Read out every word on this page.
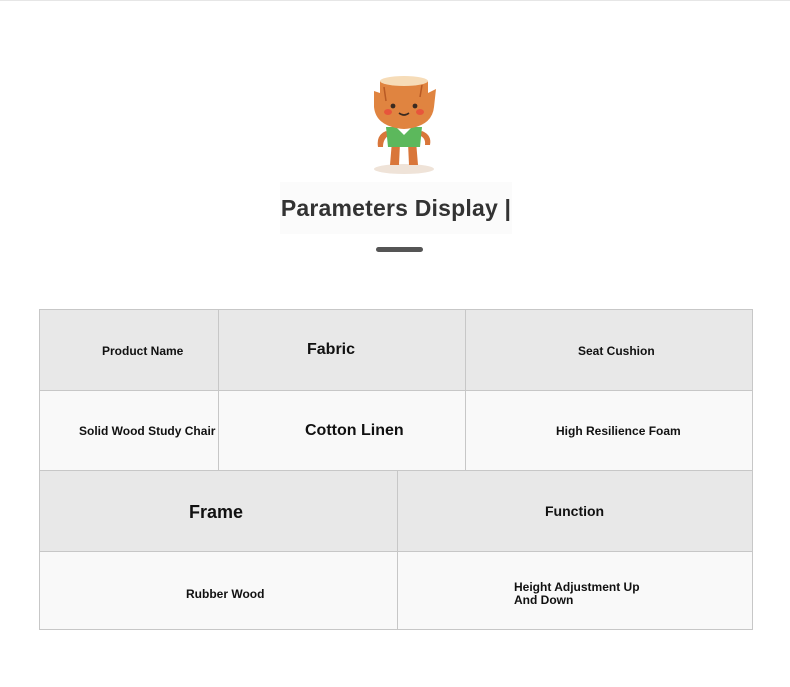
Parameters Display |
Product Name	Fabric	Seat Cushion
Solid Wood Study Chair	Cotton Linen	High Resilience Foam
Frame	Function
Rubber Wood	Height Adjustment Up
And Down
